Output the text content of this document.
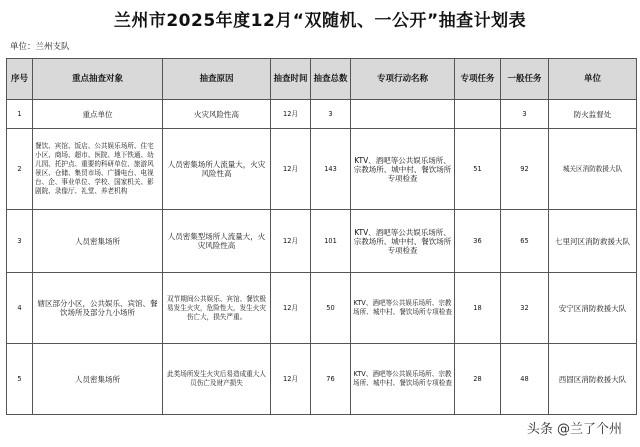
兰州市2025年度12月“双随机、一公开”抽查计划表
单位：兰州支队
序号	重点抽查对象	抽查原因	抽查时间	抽查总数	专项行动名称	专项任务	一般任务	单位
1	重点单位	火灾风险性高	12月	3			3	防火监督处
2	餐饮、宾馆、饭店、公共娱乐场所、住宅小区、商场、超市、医院、地下铁通、幼儿园、托护点、重要的科研单位、旅游风景区、仓储、集贸市场、广播电台、电视台、企、事业单位、学校、国家机关、影剧院、录像厅、礼堂、养老机构	人员密集场所人流量大，火灾风险性高	12月	143	KTV、酒吧等公共娱乐场所、宗教场所、城中村、餐饮场所专项检查	51	92	城关区消防救援大队
3	人员密集场所	人员密集型场所人流量大，火灾风险性高	12月	101	KTV、酒吧等公共娱乐场所、宗教场所、城中村、餐饮场所专项检查	36	65	七里河区消防救援大队
4	辖区部分小区，公共娱乐、宾馆、餐饮场所及部分九小场所	双节期间公共娱乐、宾馆、餐饮极易发生火灾，危险性大，发生火灾伤亡大，损失严重。	12月	50	KTV、酒吧等公共娱乐场所、宗教场所、城中村、餐饮场所专项检查	18	32	安宁区消防救援大队
5	人员密集场所	此类场所发生火灾后易造成重大人员伤亡及财产损失	12月	76	KTV、酒吧等公共娱乐场所、宗教场所、城中村、餐饮场所专项检查	28	48	西固区消防救援大队
头条 @兰了个州
